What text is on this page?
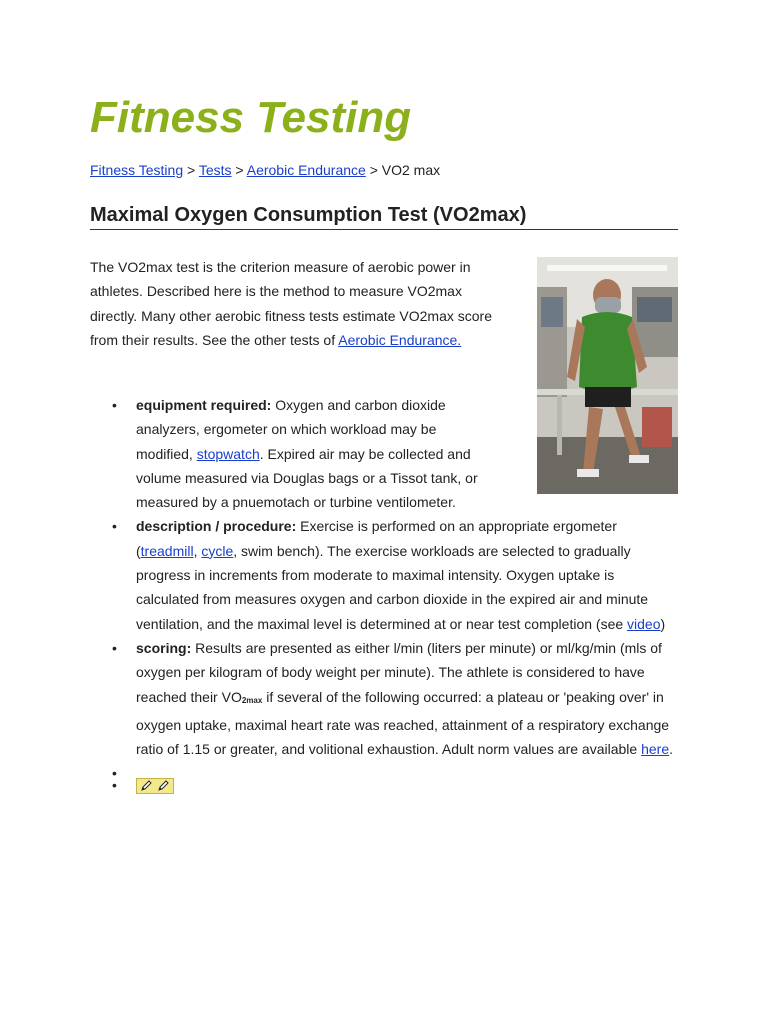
Fitness Testing
Fitness Testing > Tests > Aerobic Endurance > VO2 max
Maximal Oxygen Consumption Test (VO2max)

The VO2max test is the criterion measure of aerobic power in athletes. Described here is the method to measure VO2max directly. Many other aerobic fitness tests estimate VO2max score from their results. See the other tests of Aerobic Endurance.

• equipment required: Oxygen and carbon dioxide analyzers, ergometer on which workload may be modified, stopwatch. Expired air may be collected and volume measured via Douglas bags or a Tissot tank, or measured by a pnuemotach or turbine ventilometer.
• description / procedure: Exercise is performed on an appropriate ergometer (treadmill, cycle, swim bench). The exercise workloads are selected to gradually progress in increments from moderate to maximal intensity. Oxygen uptake is calculated from measures oxygen and carbon dioxide in the expired air and minute ventilation, and the maximal level is determined at or near test completion (see video)
• scoring: Results are presented as either l/min (liters per minute) or ml/kg/min (mls of oxygen per kilogram of body weight per minute). The athlete is considered to have reached their $VO_{2max}$ if several of the following occurred: a plateau or 'peaking over' in oxygen uptake, maximal heart rate was reached, attainment of a respiratory exchange ratio of 1.15 or greater, and volitional exhaustion. Adult norm values are available here.
•
•
